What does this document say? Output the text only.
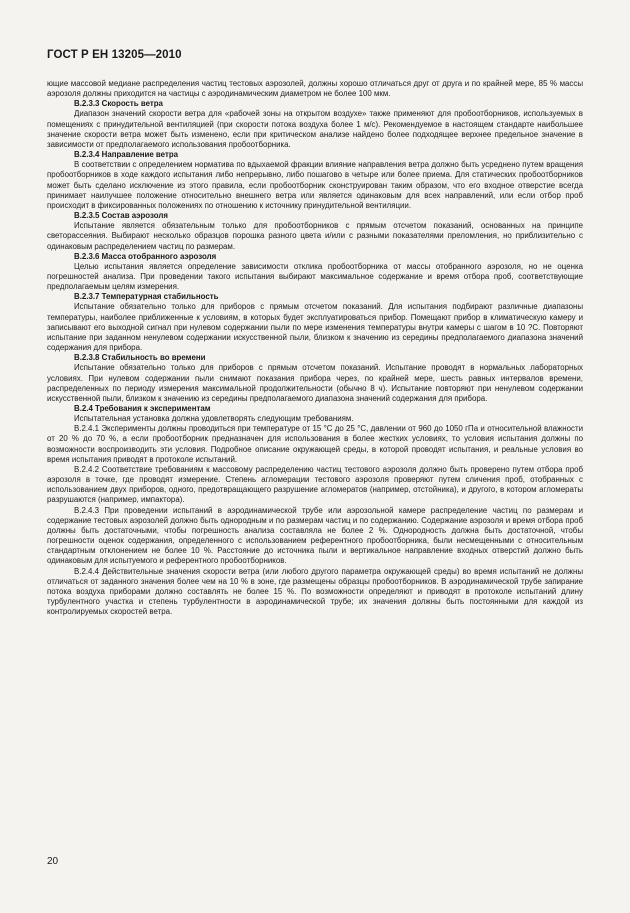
ГОСТ Р ЕН 13205—2010

ющие массовой медиане распределения частиц тестовых аэрозолей, должны хорошо отличаться друг от друга и по крайней мере, 85 % массы аэрозоля должны приходится на частицы с аэродинамическим диаметром не более 100 мкм.

В.2.3.3 Скорость ветра

Диапазон значений скорости ветра для «рабочей зоны на открытом воздухе» также применяют для пробоотборников, используемых в помещениях с принудительной вентиляцией (при скорости потока воздуха более 1 м/с). Рекомендуемое в настоящем стандарте наибольшее значение скорости ветра может быть изменено, если при критическом анализе найдено более подходящее верхнее предельное значение в зависимости от предполагаемого использования пробоотборника.

В.2.3.4 Направление ветра

В соответствии с определением норматива по вдыхаемой фракции влияние направления ветра должно быть усреднено путем вращения пробоотборников в ходе каждого испытания либо непрерывно, либо пошагово в четыре или более приема. Для статических пробоотборников может быть сделано исключение из этого правила, если пробоотборник сконструирован таким образом, что его входное отверстие всегда принимает наилучшее положение относительно внешнего ветра или является одинаковым для всех направлений, или если отбор проб происходит в фиксированных положениях по отношению к источнику принудительной вентиляции.

В.2.3.5 Состав аэрозоля

Испытание является обязательным только для пробоотборников с прямым отсчетом показаний, основанных на принципе светорассеяния. Выбирают несколько образцов порошка разного цвета и/или с разными показателями преломления, но приблизительно с одинаковым распределением частиц по размерам.

В.2.3.6 Масса отобранного аэрозоля

Целью испытания является определение зависимости отклика пробоотборника от массы отобранного аэрозоля, но не оценка погрешностей анализа. При проведении такого испытания выбирают максимальное содержание и время отбора проб, соответствующие предполагаемым целям измерения.

В.2.3.7 Температурная стабильность

Испытание обязательно только для приборов с прямым отсчетом показаний. Для испытания подбирают различные диапазоны температуры, наиболее приближенные к условиям, в которых будет эксплуатироваться прибор. Помещают прибор в климатическую камеру и записывают его выходной сигнал при нулевом содержании пыли по мере изменения температуры внутри камеры с шагом в 10 ?С. Повторяют испытание при заданном ненулевом содержании искусственной пыли, близком к значению из середины предполагаемого диапазона значений содержания для прибора.

В.2.3.8 Стабильность во времени

Испытание обязательно только для приборов с прямым отсчетом показаний. Испытание проводят в нормальных лабораторных условиях. При нулевом содержании пыли снимают показания прибора через, по крайней мере, шесть равных интервалов времени, распределенных по периоду измерения максимальной продолжительности (обычно 8 ч). Испытание повторяют при ненулевом содержании искусственной пыли, близком к значению из середины предполагаемого диапазона значений содержания для прибора.

В.2.4 Требования к экспериментам

Испытательная установка должна удовлетворять следующим требованиям.

В.2.4.1 Эксперименты должны проводиться при температуре от 15 °С до 25 °С, давлении от 960 до 1050 гПа и относительной влажности от 20 % до 70 %, а если пробоотборник предназначен для использования в более жестких условиях, то условия испытания должны по возможности воспроизводить эти условия. Подробное описание окружающей среды, в которой проводят испытания, и реальные условия во время испытания приводят в протоколе испытаний.

В.2.4.2 Соответствие требованиям к массовому распределению частиц тестового аэрозоля должно быть проверено путем отбора проб аэрозоля в точке, где проводят измерение. Степень агломерации тестового аэрозоля проверяют путем сличения проб, отобранных с использованием двух приборов, одного, предотвращающего разрушение агломератов (например, отстойника), и другого, в котором агломераты разрушаются (например, импактора).

В.2.4.3 При проведении испытаний в аэродинамической трубе или аэрозольной камере распределение частиц по размерам и содержание тестовых аэрозолей должно быть однородным и по размерам частиц и по содержанию. Содержание аэрозоля и время отбора проб должны быть достаточными, чтобы погрешность анализа составляла не более 2 %. Однородность должна быть достаточной, чтобы погрешности оценок содержания, определенного с использованием референтного пробоотборника, были несмещенными с относительным стандартным отклонением не более 10 %. Расстояние до источника пыли и вертикальное направление входных отверстий должно быть одинаковым для испытуемого и референтного пробоотборников.

В.2.4.4 Действительные значения скорости ветра (или любого другого параметра окружающей среды) во время испытаний не должны отличаться от заданного значения более чем на 10 % в зоне, где размещены образцы пробоотборников. В аэродинамической трубе запирание потока воздуха приборами должно составлять не более 15 %. По возможности определяют и приводят в протоколе испытаний длину турбулентного участка и степень турбулентности в аэродинамической трубе; их значения должны быть постоянными для каждой из контролируемых скоростей ветра.

20
